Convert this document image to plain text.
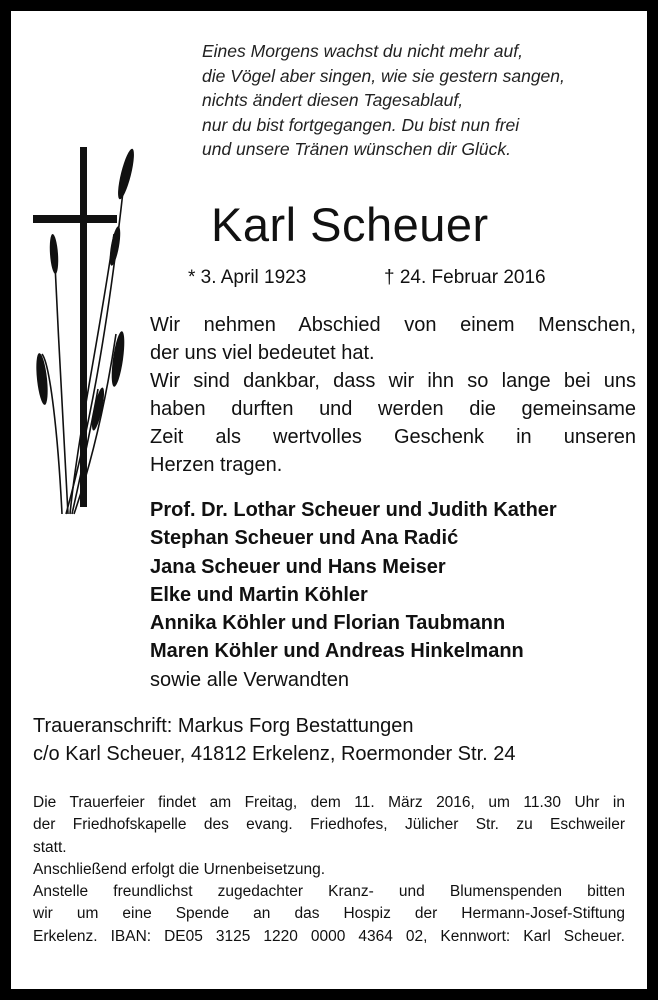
Eines Morgens wachst du nicht mehr auf,
die Vögel aber singen, wie sie gestern sangen,
nichts ändert diesen Tagesablauf,
nur du bist fortgegangen. Du bist nun frei
und unsere Tränen wünschen dir Glück.
Karl Scheuer
* 3. April 1923	† 24. Februar 2016
Wir nehmen Abschied von einem Menschen,
der uns viel bedeutet hat.
Wir sind dankbar, dass wir ihn so lange bei uns
haben durften und werden die gemeinsame
Zeit als wertvolles Geschenk in unseren
Herzen tragen.
Prof. Dr. Lothar Scheuer und Judith Kather
Stephan Scheuer und Ana Radić
Jana Scheuer und Hans Meiser
Elke und Martin Köhler
Annika Köhler und Florian Taubmann
Maren Köhler und Andreas Hinkelmann
sowie alle Verwandten
Traueranschrift: Markus Forg Bestattungen
c/o Karl Scheuer, 41812 Erkelenz, Roermonder Str. 24
Die Trauerfeier findet am Freitag, dem 11. März 2016, um 11.30 Uhr in
der Friedhofskapelle des evang. Friedhofes, Jülicher Str. zu Eschweiler
statt.
Anschließend erfolgt die Urnenbeisetzung.
Anstelle freundlichst zugedachter Kranz- und Blumenspenden bitten
wir um eine Spende an das Hospiz der Hermann-Josef-Stiftung
Erkelenz. IBAN: DE05 3125 1220 0000 4364 02, Kennwort: Karl Scheuer.
